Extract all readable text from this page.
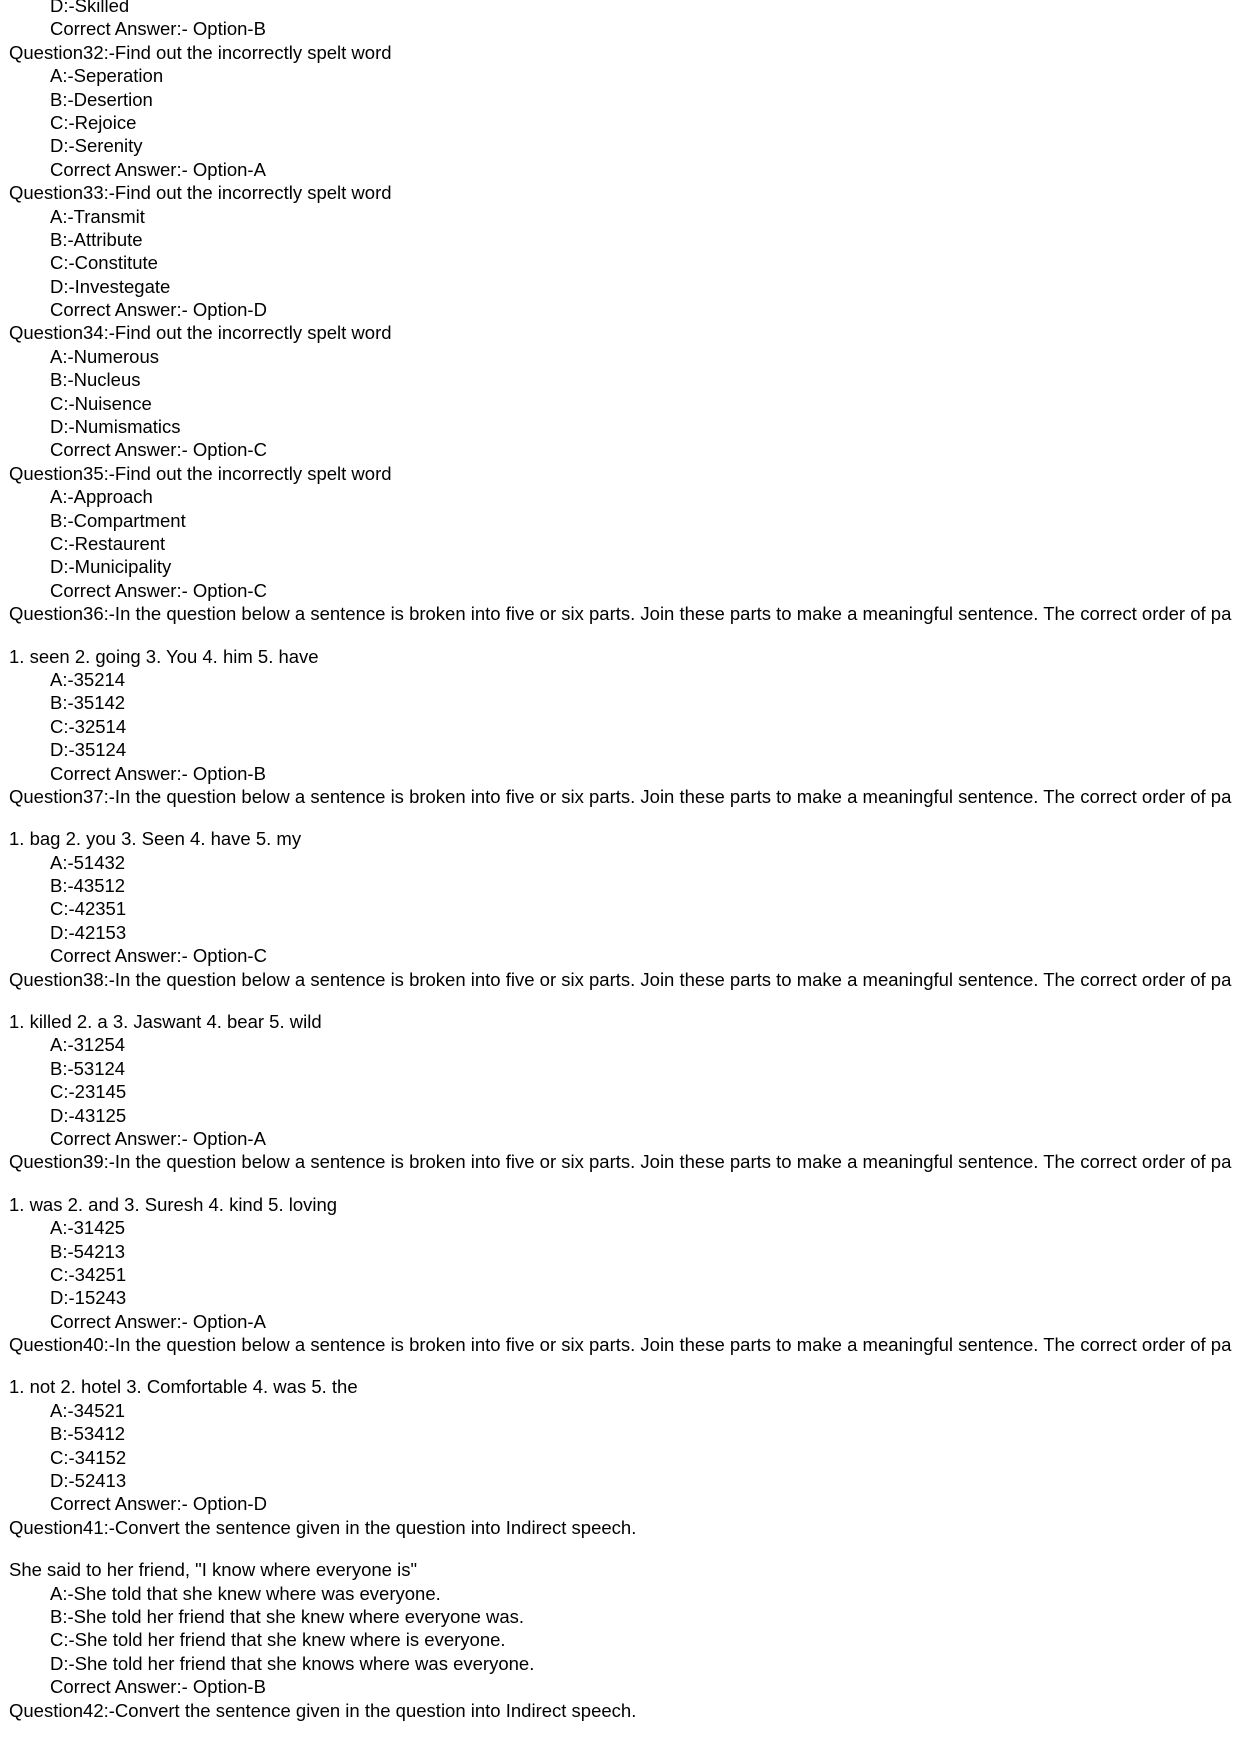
D:-Skilled
Correct Answer:- Option-B
Question32:-Find out the incorrectly spelt word
A:-Seperation
B:-Desertion
C:-Rejoice
D:-Serenity
Correct Answer:- Option-A
Question33:-Find out the incorrectly spelt word
A:-Transmit
B:-Attribute
C:-Constitute
D:-Investegate
Correct Answer:- Option-D
Question34:-Find out the incorrectly spelt word
A:-Numerous
B:-Nucleus
C:-Nuisence
D:-Numismatics
Correct Answer:- Option-C
Question35:-Find out the incorrectly spelt word
A:-Approach
B:-Compartment
C:-Restaurent
D:-Municipality
Correct Answer:- Option-C
Question36:-In the question below a sentence is broken into five or six parts. Join these parts to make a meaningful sentence. The correct order of pa
1. seen 2. going 3. You 4. him 5. have
A:-35214
B:-35142
C:-32514
D:-35124
Correct Answer:- Option-B
Question37:-In the question below a sentence is broken into five or six parts. Join these parts to make a meaningful sentence. The correct order of pa
1. bag 2. you 3. Seen 4. have 5. my
A:-51432
B:-43512
C:-42351
D:-42153
Correct Answer:- Option-C
Question38:-In the question below a sentence is broken into five or six parts. Join these parts to make a meaningful sentence. The correct order of pa
1. killed 2. a 3. Jaswant 4. bear 5. wild
A:-31254
B:-53124
C:-23145
D:-43125
Correct Answer:- Option-A
Question39:-In the question below a sentence is broken into five or six parts. Join these parts to make a meaningful sentence. The correct order of pa
1. was 2. and 3. Suresh 4. kind 5. loving
A:-31425
B:-54213
C:-34251
D:-15243
Correct Answer:- Option-A
Question40:-In the question below a sentence is broken into five or six parts. Join these parts to make a meaningful sentence. The correct order of pa
1. not 2. hotel 3. Comfortable 4. was 5. the
A:-34521
B:-53412
C:-34152
D:-52413
Correct Answer:- Option-D
Question41:-Convert the sentence given in the question into Indirect speech.
She said to her friend, "I know where everyone is"
A:-She told that she knew where was everyone.
B:-She told her friend that she knew where everyone was.
C:-She told her friend that she knew where is everyone.
D:-She told her friend that she knows where was everyone.
Correct Answer:- Option-B
Question42:-Convert the sentence given in the question into Indirect speech.
